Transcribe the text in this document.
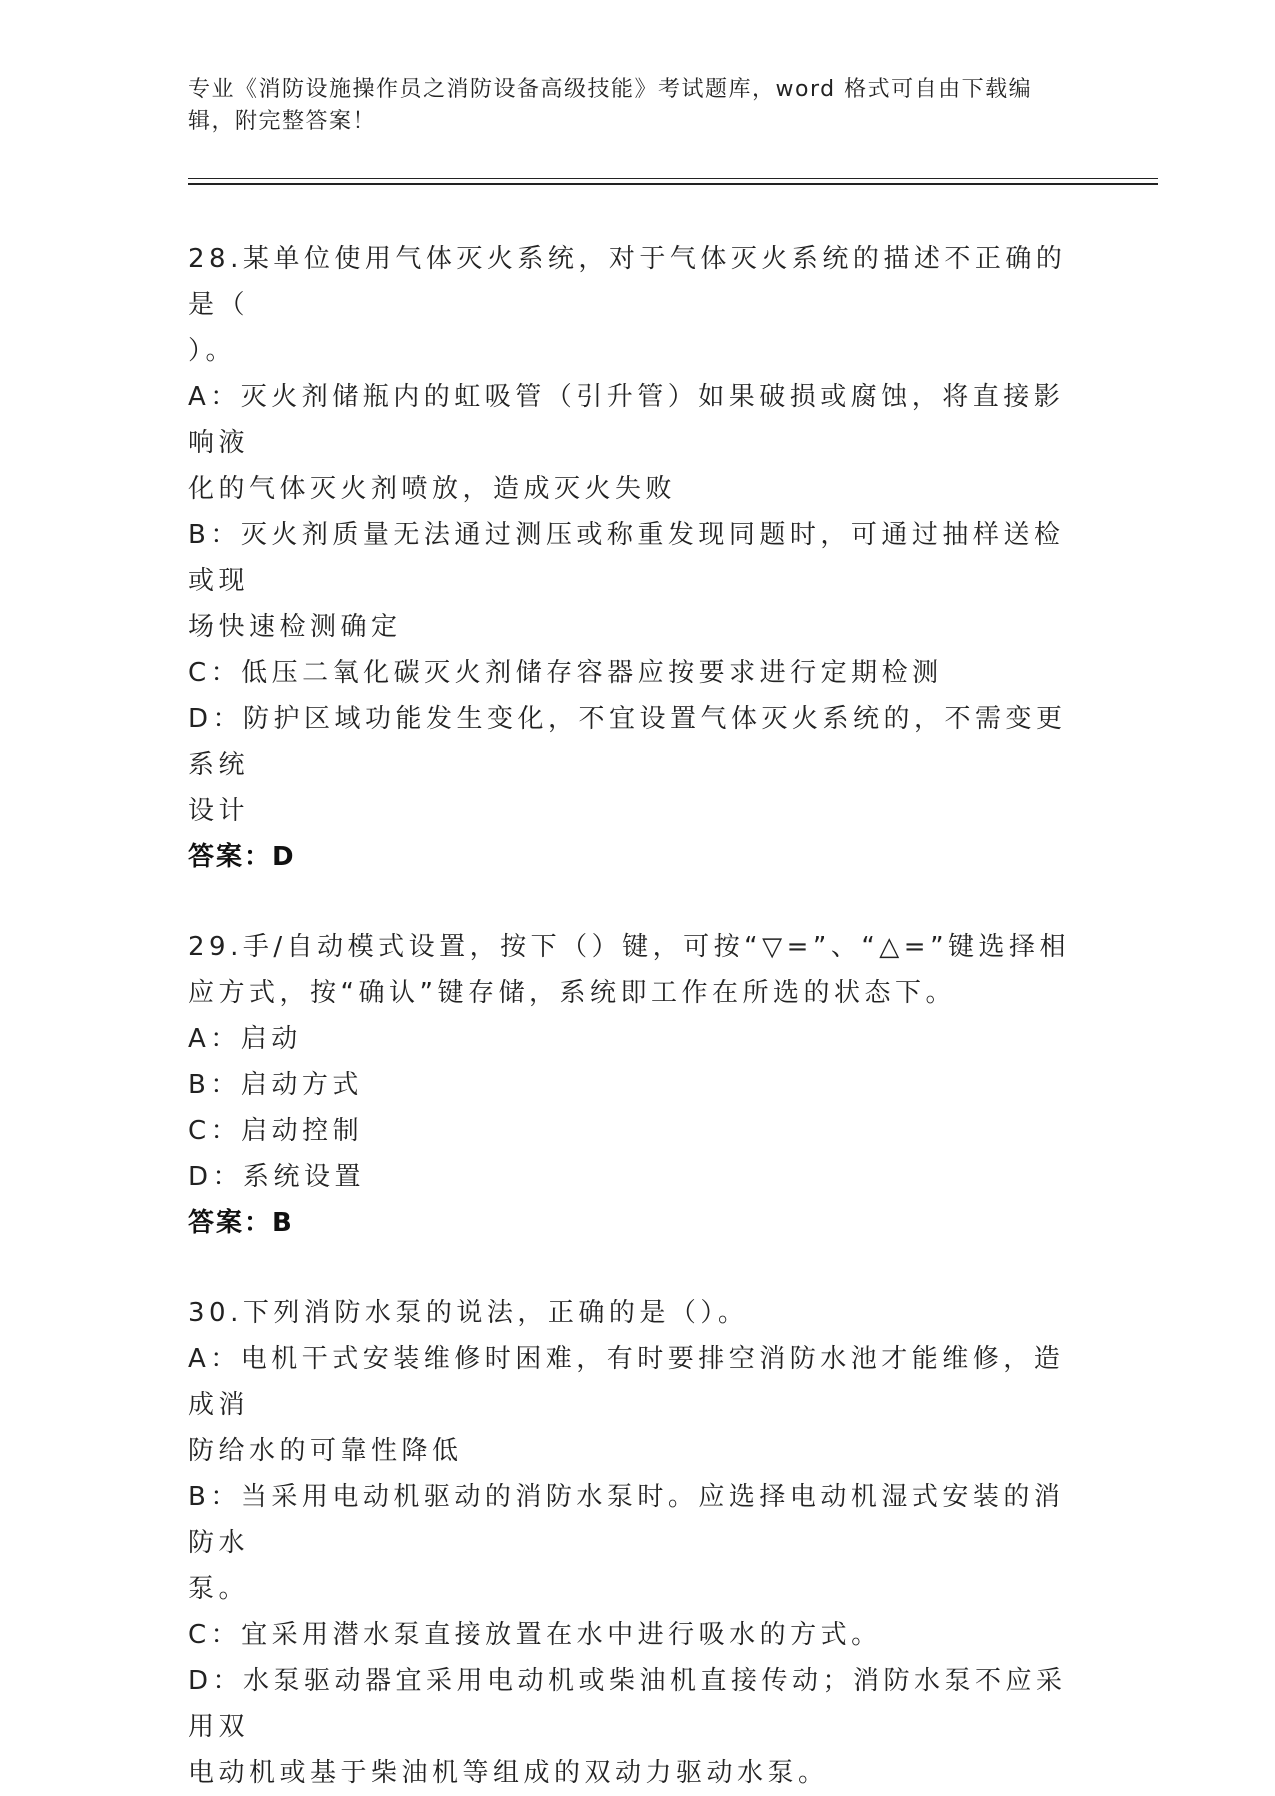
专业《消防设施操作员之消防设备高级技能》考试题库，word 格式可自由下载编
辑，附完整答案！
28.某单位使用气体灭火系统，对于气体灭火系统的描述不正确的是（
）。
A：灭火剂储瓶内的虹吸管（引升管）如果破损或腐蚀，将直接影响液
化的气体灭火剂喷放，造成灭火失败
B：灭火剂质量无法通过测压或称重发现同题时，可通过抽样送检或现
场快速检测确定
C：低压二氧化碳灭火剂储存容器应按要求进行定期检测
D：防护区域功能发生变化，不宜设置气体灭火系统的，不需变更系统
设计
答案：D
29.手/自动模式设置，按下（）键，可按“▽=”、“△=”键选择相
应方式，按“确认”键存储，系统即工作在所选的状态下。
A：启动
B：启动方式
C：启动控制
D：系统设置
答案：B
30.下列消防水泵的说法，正确的是（）。
A：电机干式安装维修时困难，有时要排空消防水池才能维修，造成消
防给水的可靠性降低
B：当采用电动机驱动的消防水泵时。应选择电动机湿式安装的消防水
泵。
C：宜采用潜水泵直接放置在水中进行吸水的方式。
D：水泵驱动器宜采用电动机或柴油机直接传动；消防水泵不应采用双
电动机或基于柴油机等组成的双动力驱动水泵。
